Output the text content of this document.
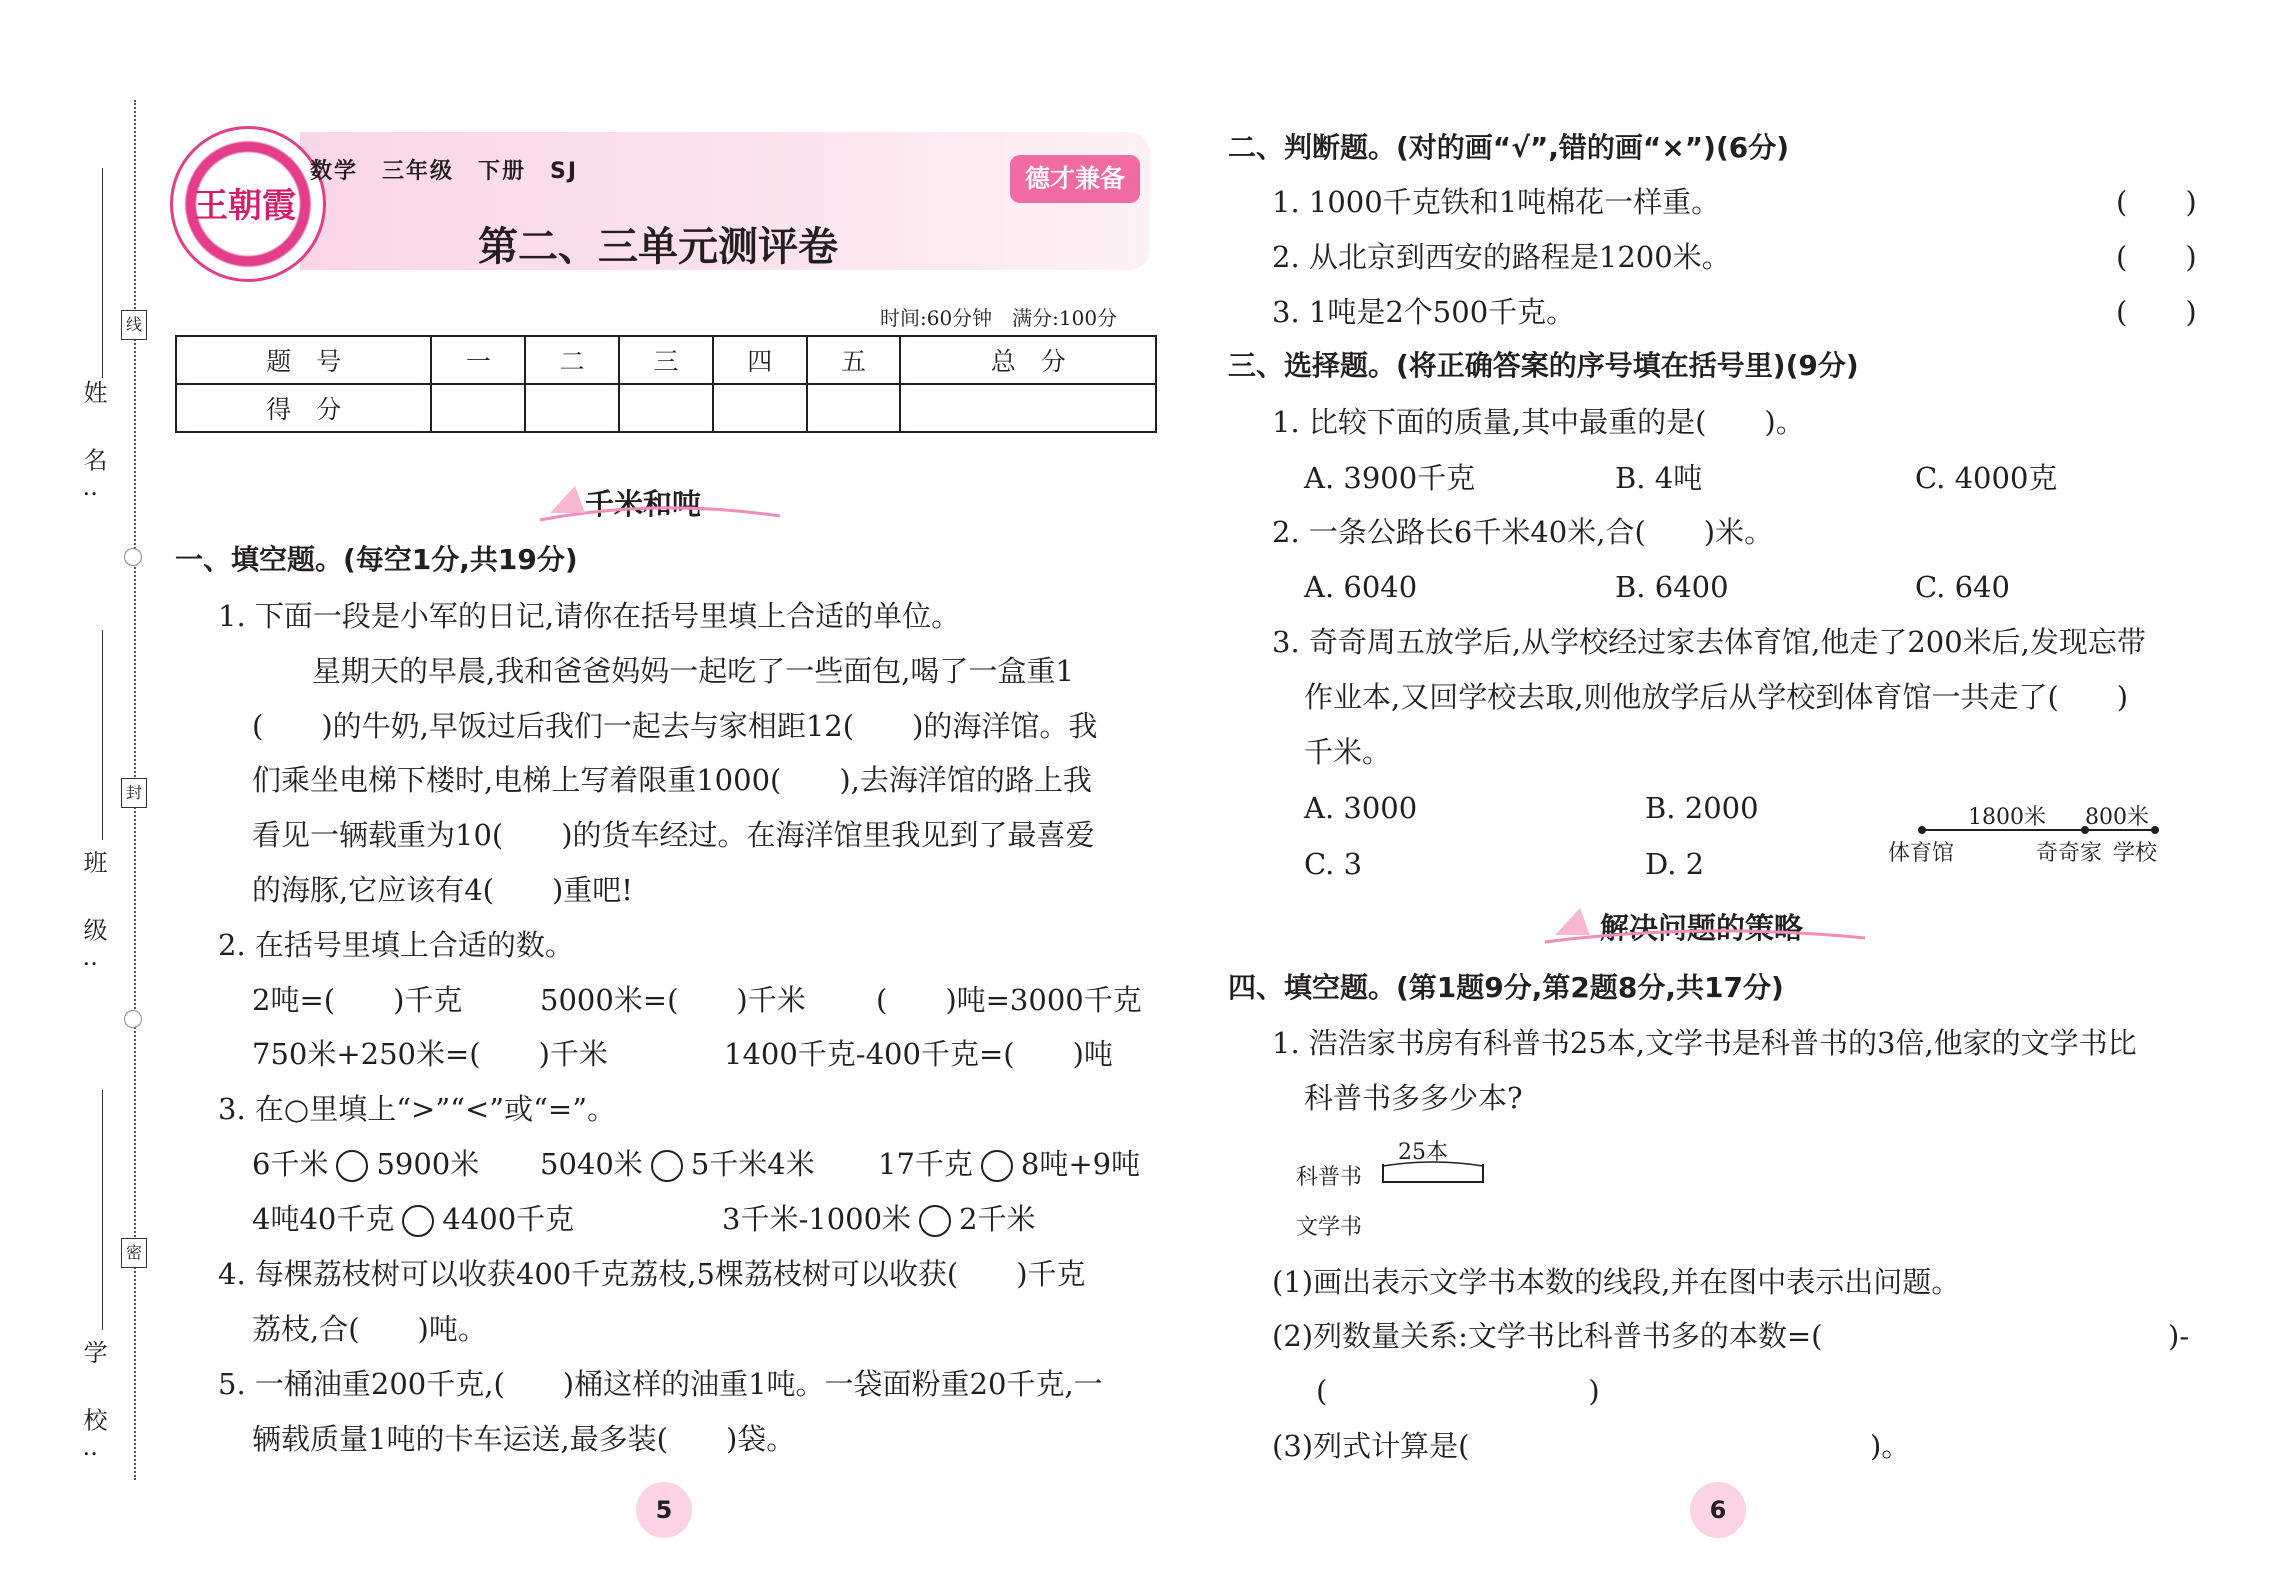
姓 名:
班 级:
学 校:
线
封
密
王朝霞
数学　三年级　下册　SJ
第二、三单元测评卷
德才兼备
时间:60分钟　满分:100分
题　号	一	二	三	四	五	总　分
得　分						
千米和吨
一、填空题。(每空1分,共19分)
1. 下面一段是小军的日记,请你在括号里填上合适的单位。
星期天的早晨,我和爸爸妈妈一起吃了一些面包,喝了一盒重1
(　　)的牛奶,早饭过后我们一起去与家相距12(　　)的海洋馆。我
们乘坐电梯下楼时,电梯上写着限重1000(　　),去海洋馆的路上我
看见一辆载重为10(　　)的货车经过。在海洋馆里我见到了最喜爱
的海豚,它应该有4(　　)重吧!
2. 在括号里填上合适的数。
2吨=(　　)千克	5000米=(　　)千米 (　　)吨=3000千克
750米+250米=(　　)千米	1400千克-400千克=(　　)吨
3. 在○里填上“>”“<”或“=”。
6千米 5900米 5040米 5千米4米 17千克 8吨+9吨
4吨40千克 4400千克	3千米-1000米 2千米
4. 每棵荔枝树可以收获400千克荔枝,5棵荔枝树可以收获(　　)千克
荔枝,合(　　)吨。
5. 一桶油重200千克,(　　)桶这样的油重1吨。一袋面粉重20千克,一
辆载质量1吨的卡车运送,最多装(　　)袋。
5
二、判断题。(对的画“√”,错的画“×”)(6分)
1. 1000千克铁和1吨棉花一样重。	(　　)
2. 从北京到西安的路程是1200米。	(　　)
3. 1吨是2个500千克。	(　　)
三、选择题。(将正确答案的序号填在括号里)(9分)
1. 比较下面的质量,其中最重的是(　　)。
A. 3900千克	B. 4吨	C. 4000克
2. 一条公路长6千米40米,合(　　)米。
A. 6040	B. 6400	C. 640
3. 奇奇周五放学后,从学校经过家去体育馆,他走了200米后,发现忘带
作业本,又回学校去取,则他放学后从学校到体育馆一共走了(　　)
千米。
A. 3000	B. 2000
C. 3	D. 2
1800米 800米
体育馆	奇奇家 学校
解决问题的策略
四、填空题。(第1题9分,第2题8分,共17分)
1. 浩浩家书房有科普书25本,文学书是科普书的3倍,他家的文学书比
科普书多多少本?
25本
科普书
文学书
(1)画出表示文学书本数的线段,并在图中表示出问题。
(2)列数量关系:文学书比科普书多的本数=(	)-
(　　　　　　　　　)
(3)列式计算是(	)。
6
